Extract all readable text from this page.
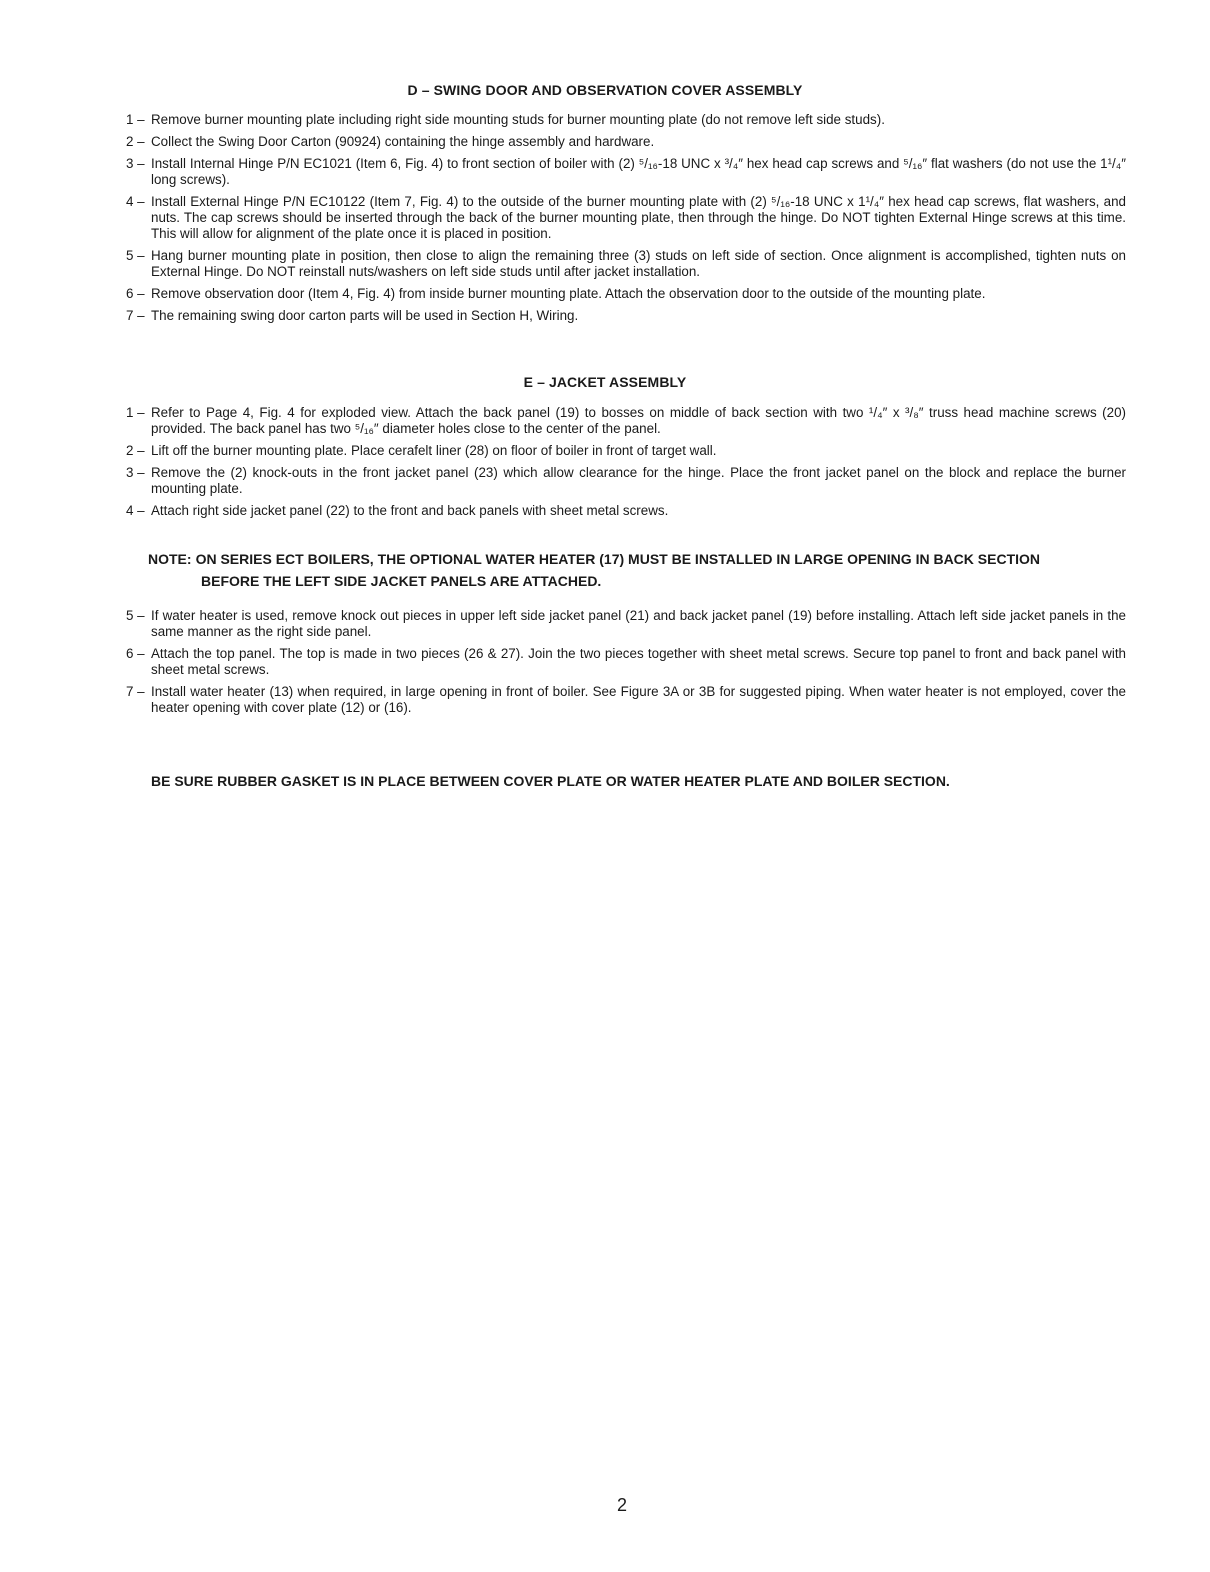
D – SWING DOOR AND OBSERVATION COVER ASSEMBLY
1 – Remove burner mounting plate including right side mounting studs for burner mounting plate (do not remove left side studs).
2 – Collect the Swing Door Carton (90924) containing the hinge assembly and hardware.
3 – Install Internal Hinge P/N EC1021 (Item 6, Fig. 4) to front section of boiler with (2) ⁵/₁₆-18 UNC x ³/₄″ hex head cap screws and ⁵/₁₆″ flat washers (do not use the 1¹/₄″ long screws).
4 – Install External Hinge P/N EC10122 (Item 7, Fig. 4) to the outside of the burner mounting plate with (2) ⁵/₁₆-18 UNC x 1¹/₄″ hex head cap screws, flat washers, and nuts. The cap screws should be inserted through the back of the burner mounting plate, then through the hinge. Do NOT tighten External Hinge screws at this time. This will allow for alignment of the plate once it is placed in position.
5 – Hang burner mounting plate in position, then close to align the remaining three (3) studs on left side of section. Once alignment is accomplished, tighten nuts on External Hinge. Do NOT reinstall nuts/washers on left side studs until after jacket installation.
6 – Remove observation door (Item 4, Fig. 4) from inside burner mounting plate. Attach the observation door to the outside of the mounting plate.
7 – The remaining swing door carton parts will be used in Section H, Wiring.
E – JACKET ASSEMBLY
1 – Refer to Page 4, Fig. 4 for exploded view. Attach the back panel (19) to bosses on middle of back section with two ¹/₄″ x ³/₈″ truss head machine screws (20) provided. The back panel has two ⁵/₁₆″ diameter holes close to the center of the panel.
2 – Lift off the burner mounting plate. Place cerafelt liner (28) on floor of boiler in front of target wall.
3 – Remove the (2) knock-outs in the front jacket panel (23) which allow clearance for the hinge. Place the front jacket panel on the block and replace the burner mounting plate.
4 – Attach right side jacket panel (22) to the front and back panels with sheet metal screws.
NOTE: ON SERIES ECT BOILERS, THE OPTIONAL WATER HEATER (17) MUST BE INSTALLED IN LARGE OPENING IN BACK SECTION
BEFORE THE LEFT SIDE JACKET PANELS ARE ATTACHED.
5 – If water heater is used, remove knock out pieces in upper left side jacket panel (21) and back jacket panel (19) before installing. Attach left side jacket panels in the same manner as the right side panel.
6 – Attach the top panel. The top is made in two pieces (26 & 27). Join the two pieces together with sheet metal screws. Secure top panel to front and back panel with sheet metal screws.
7 – Install water heater (13) when required, in large opening in front of boiler. See Figure 3A or 3B for suggested piping. When water heater is not employed, cover the heater opening with cover plate (12) or (16).
BE SURE RUBBER GASKET IS IN PLACE BETWEEN COVER PLATE OR WATER HEATER PLATE AND BOILER SECTION.
2
